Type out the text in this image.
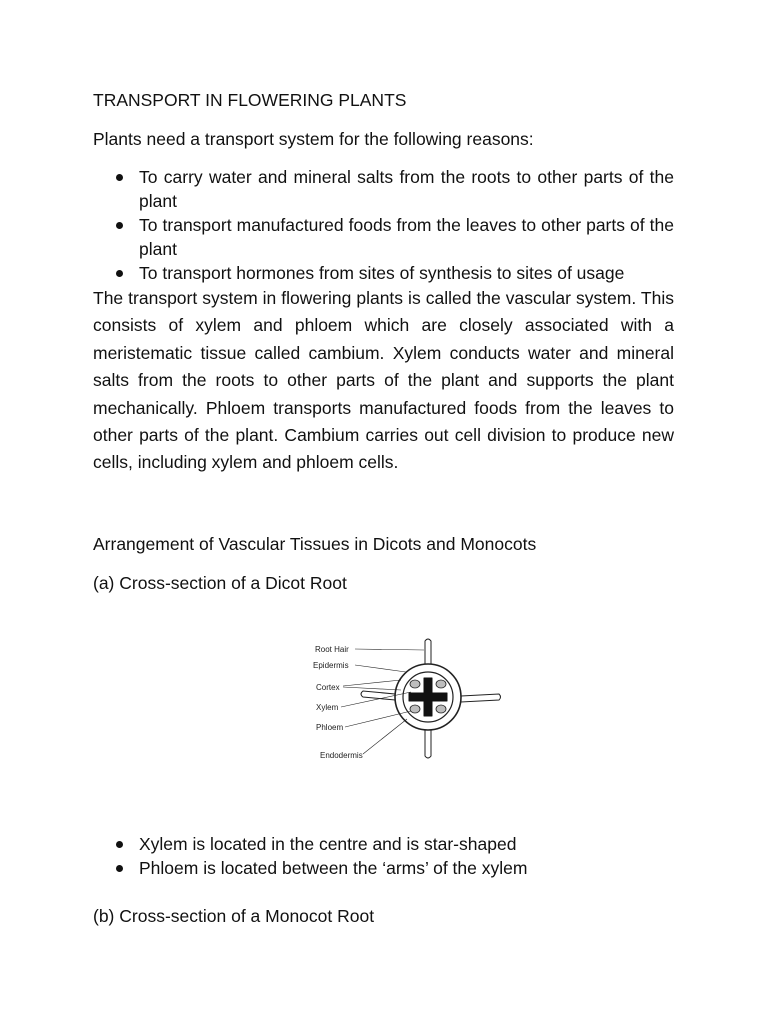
TRANSPORT IN FLOWERING PLANTS
Plants need a transport system for the following reasons:
To carry water and mineral salts from the roots to other parts of the plant
To transport manufactured foods from the leaves to other parts of the plant
To transport hormones from sites of synthesis to sites of usage

The transport system in flowering plants is called the vascular system. This consists of xylem and phloem which are closely associated with a meristematic tissue called cambium. Xylem conducts water and mineral salts from the roots to other parts of the plant and supports the plant mechanically. Phloem transports manufactured foods from the leaves to other parts of the plant. Cambium carries out cell division to produce new cells, including xylem and phloem cells.

Arrangement of Vascular Tissues in Dicots and Monocots
(a) Cross-section of a Dicot Root
Root Hair
Epidermis
Cortex
Xylem
Phloem
Endodermis
Xylem is located in the centre and is star-shaped
Phloem is located between the ‘arms’ of the xylem
(b) Cross-section of a Monocot Root
